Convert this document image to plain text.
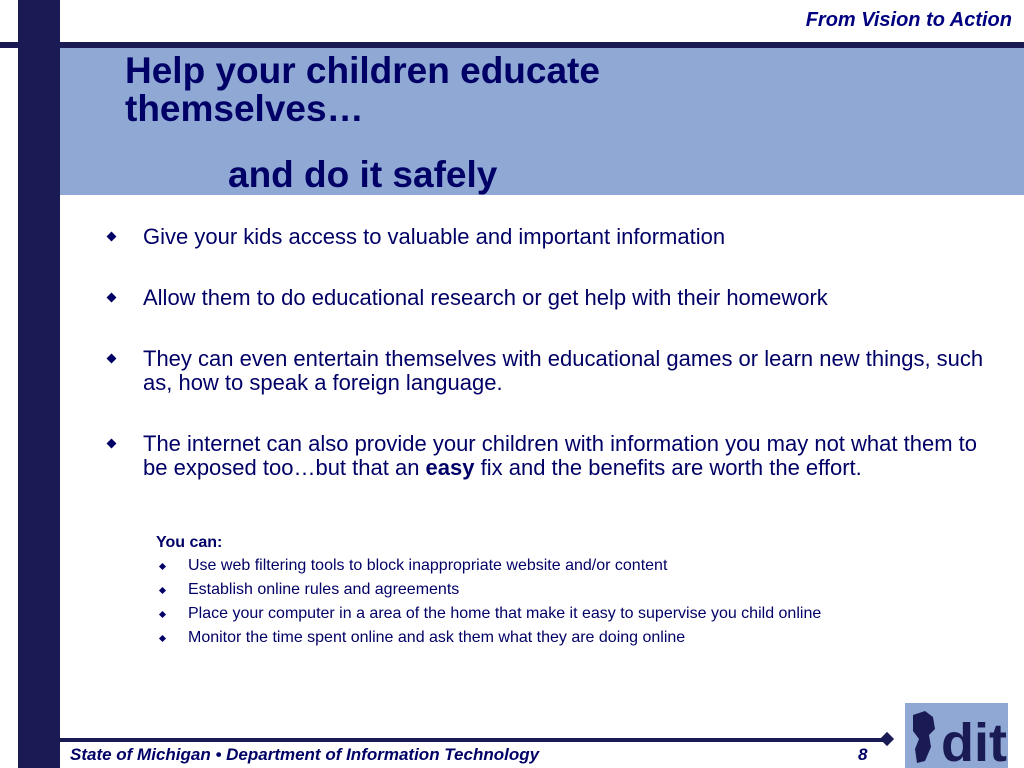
From Vision to Action
Help your children educate
themselves…
and do it safely
Give your kids access to valuable and important information
Allow them to do educational research or get help with their homework
They can even entertain themselves with educational games or learn new things, such as, how to speak a foreign language.
The internet can also provide your children with information you may not what them to be exposed too…but that an easy fix and the benefits are worth the effort.
You can:
Use web filtering tools to block inappropriate website and/or content
Establish online rules and agreements
Place your computer in a area of the home that make it easy to supervise you child online
Monitor the time spent online and ask them what they are doing online
State of Michigan • Department of Information Technology	8 dit
